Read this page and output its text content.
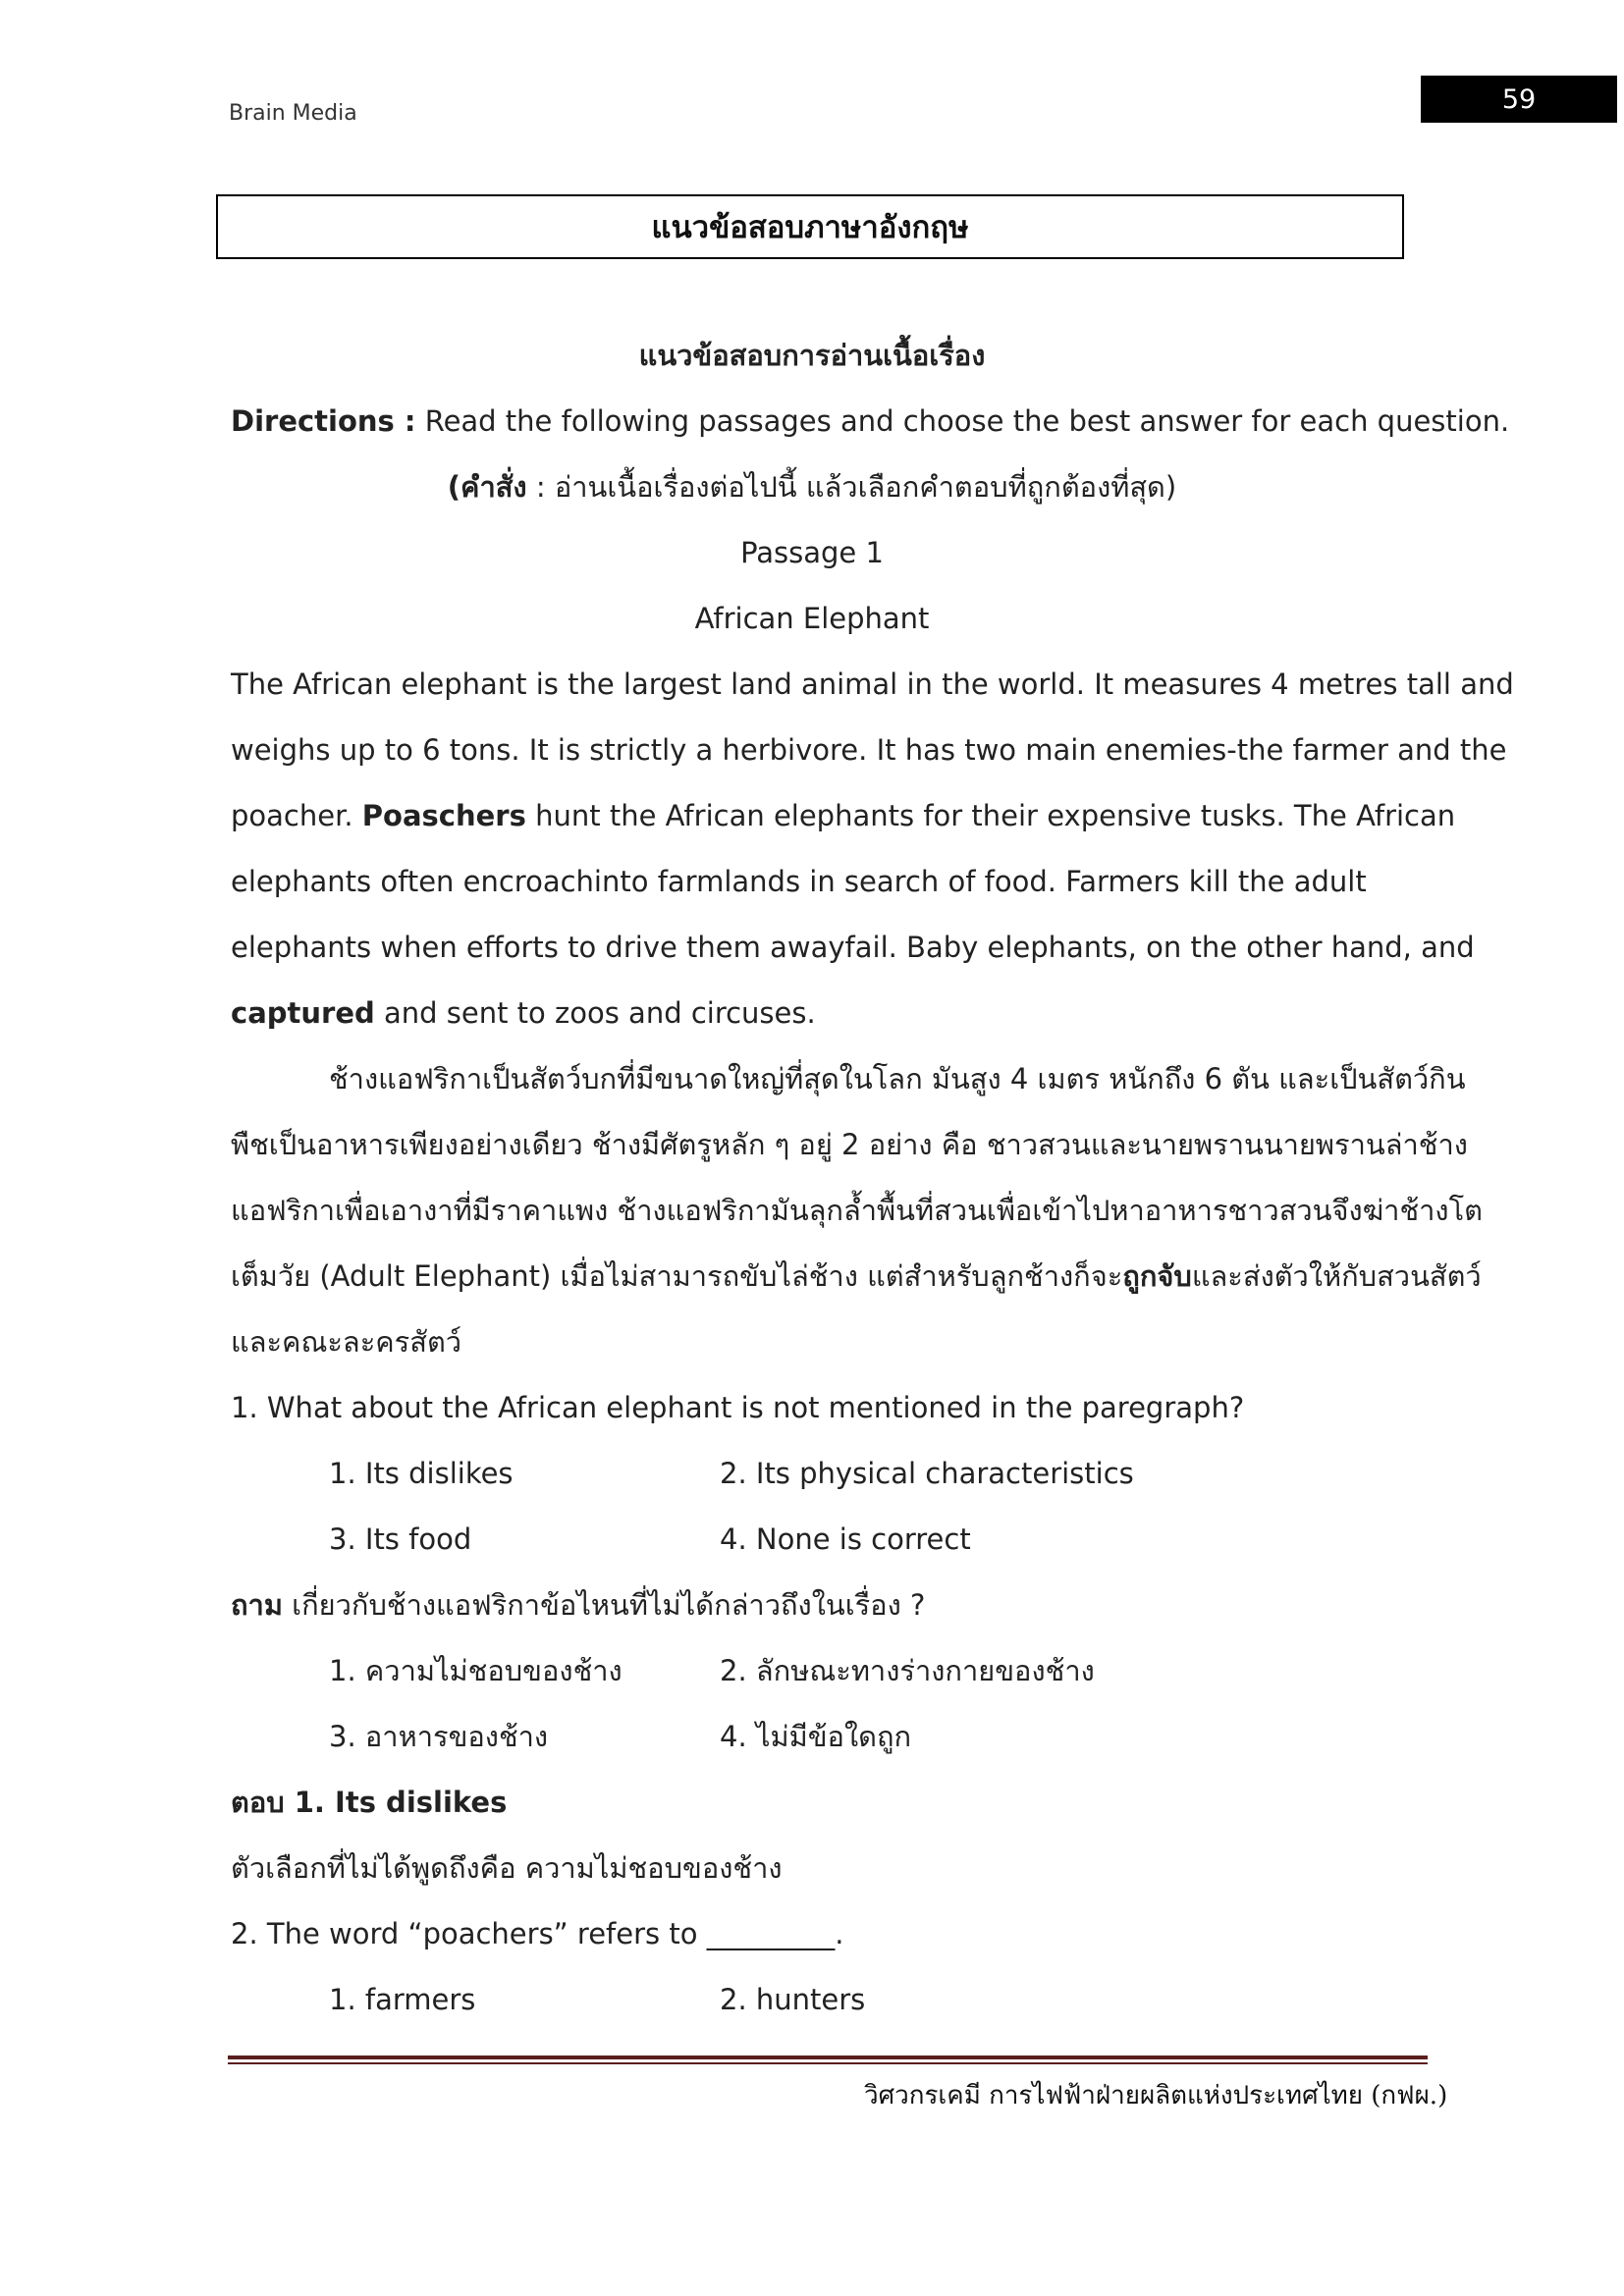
Brain Media	59
แนวข้อสอบภาษาอังกฤษ
แนวข้อสอบการอ่านเนื้อเรื่อง
Directions : Read the following passages and choose the best answer for each question.
(คำสั่ง : อ่านเนื้อเรื่องต่อไปนี้ แล้วเลือกคำตอบที่ถูกต้องที่สุด)
Passage 1
African Elephant
The African elephant is the largest land animal in the world. It measures 4 metres tall and
weighs up to 6 tons. It is strictly a herbivore. It has two main enemies-the farmer and the
poacher. Poaschers hunt the African elephants for their expensive tusks. The African
elephants often encroachinto farmlands in search of food. Farmers kill the adult
elephants when efforts to drive them awayfail. Baby elephants, on the other hand, and
captured and sent to zoos and circuses.
ช้างแอฟริกาเป็นสัตว์บกที่มีขนาดใหญ่ที่สุดในโลก มันสูง 4 เมตร หนักถึง 6 ตัน และเป็นสัตว์กิน
พืชเป็นอาหารเพียงอย่างเดียว ช้างมีศัตรูหลัก ๆ อยู่ 2 อย่าง คือ ชาวสวนและนายพรานนายพรานล่าช้าง
แอฟริกาเพื่อเอางาที่มีราคาแพง ช้างแอฟริกามันลุกล้ำพื้นที่สวนเพื่อเข้าไปหาอาหารชาวสวนจึงฆ่าช้างโต
เต็มวัย (Adult Elephant) เมื่อไม่สามารถขับไล่ช้าง แต่สำหรับลูกช้างก็จะถูกจับและส่งตัวให้กับสวนสัตว์
และคณะละครสัตว์
1. What about the African elephant is not mentioned in the paregraph?
1. Its dislikes	2. Its physical characteristics
3. Its food	4. None is correct
ถาม เกี่ยวกับช้างแอฟริกาข้อไหนที่ไม่ได้กล่าวถึงในเรื่อง ?
1. ความไม่ชอบของช้าง	2. ลักษณะทางร่างกายของช้าง
3. อาหารของช้าง	4. ไม่มีข้อใดถูก
ตอบ 1. Its dislikes
ตัวเลือกที่ไม่ได้พูดถึงคือ ความไม่ชอบของช้าง
2. The word “poachers” refers to _________.
1. farmers	2. hunters
วิศวกรเคมี การไฟฟ้าฝ่ายผลิตแห่งประเทศไทย (กฟผ.)
